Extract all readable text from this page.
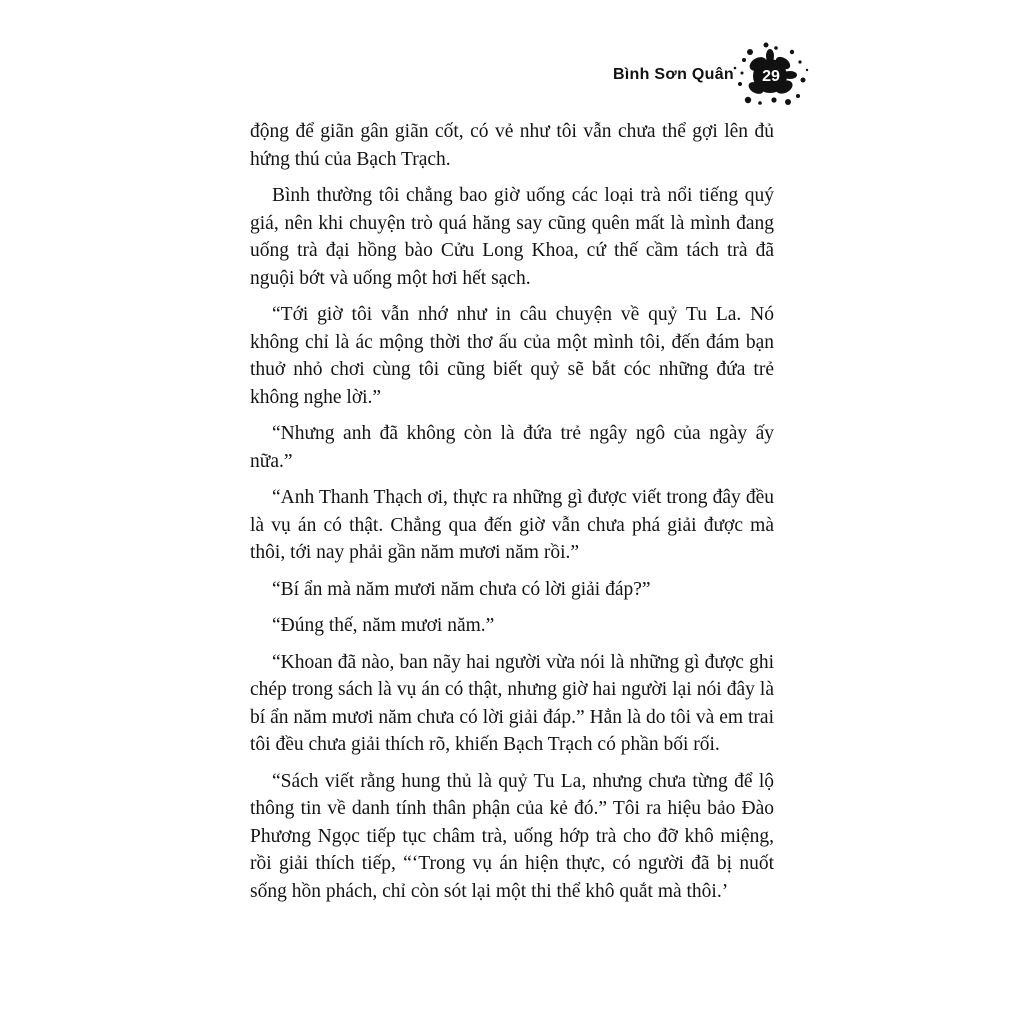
Bình Sơn Quân 29

động để giãn gân giãn cốt, có vẻ như tôi vẫn chưa thể gợi lên đủ hứng thú của Bạch Trạch.

Bình thường tôi chẳng bao giờ uống các loại trà nổi tiếng quý giá, nên khi chuyện trò quá hăng say cũng quên mất là mình đang uống trà đại hồng bào Cửu Long Khoa, cứ thế cầm tách trà đã nguội bớt và uống một hơi hết sạch.

“Tới giờ tôi vẫn nhớ như in câu chuyện về quỷ Tu La. Nó không chỉ là ác mộng thời thơ ấu của một mình tôi, đến đám bạn thuở nhỏ chơi cùng tôi cũng biết quỷ sẽ bắt cóc những đứa trẻ không nghe lời.”

“Nhưng anh đã không còn là đứa trẻ ngây ngô của ngày ấy nữa.”

“Anh Thanh Thạch ơi, thực ra những gì được viết trong đây đều là vụ án có thật. Chẳng qua đến giờ vẫn chưa phá giải được mà thôi, tới nay phải gần năm mươi năm rồi.”

“Bí ẩn mà năm mươi năm chưa có lời giải đáp?”

“Đúng thế, năm mươi năm.”

“Khoan đã nào, ban nãy hai người vừa nói là những gì được ghi chép trong sách là vụ án có thật, nhưng giờ hai người lại nói đây là bí ẩn năm mươi năm chưa có lời giải đáp.” Hẳn là do tôi và em trai tôi đều chưa giải thích rõ, khiến Bạch Trạch có phần bối rối.

“Sách viết rằng hung thủ là quỷ Tu La, nhưng chưa từng để lộ thông tin về danh tính thân phận của kẻ đó.” Tôi ra hiệu bảo Đào Phương Ngọc tiếp tục châm trà, uống hớp trà cho đỡ khô miệng, rồi giải thích tiếp, “‘Trong vụ án hiện thực, có người đã bị nuốt sống hồn phách, chỉ còn sót lại một thi thể khô quắt mà thôi.’
